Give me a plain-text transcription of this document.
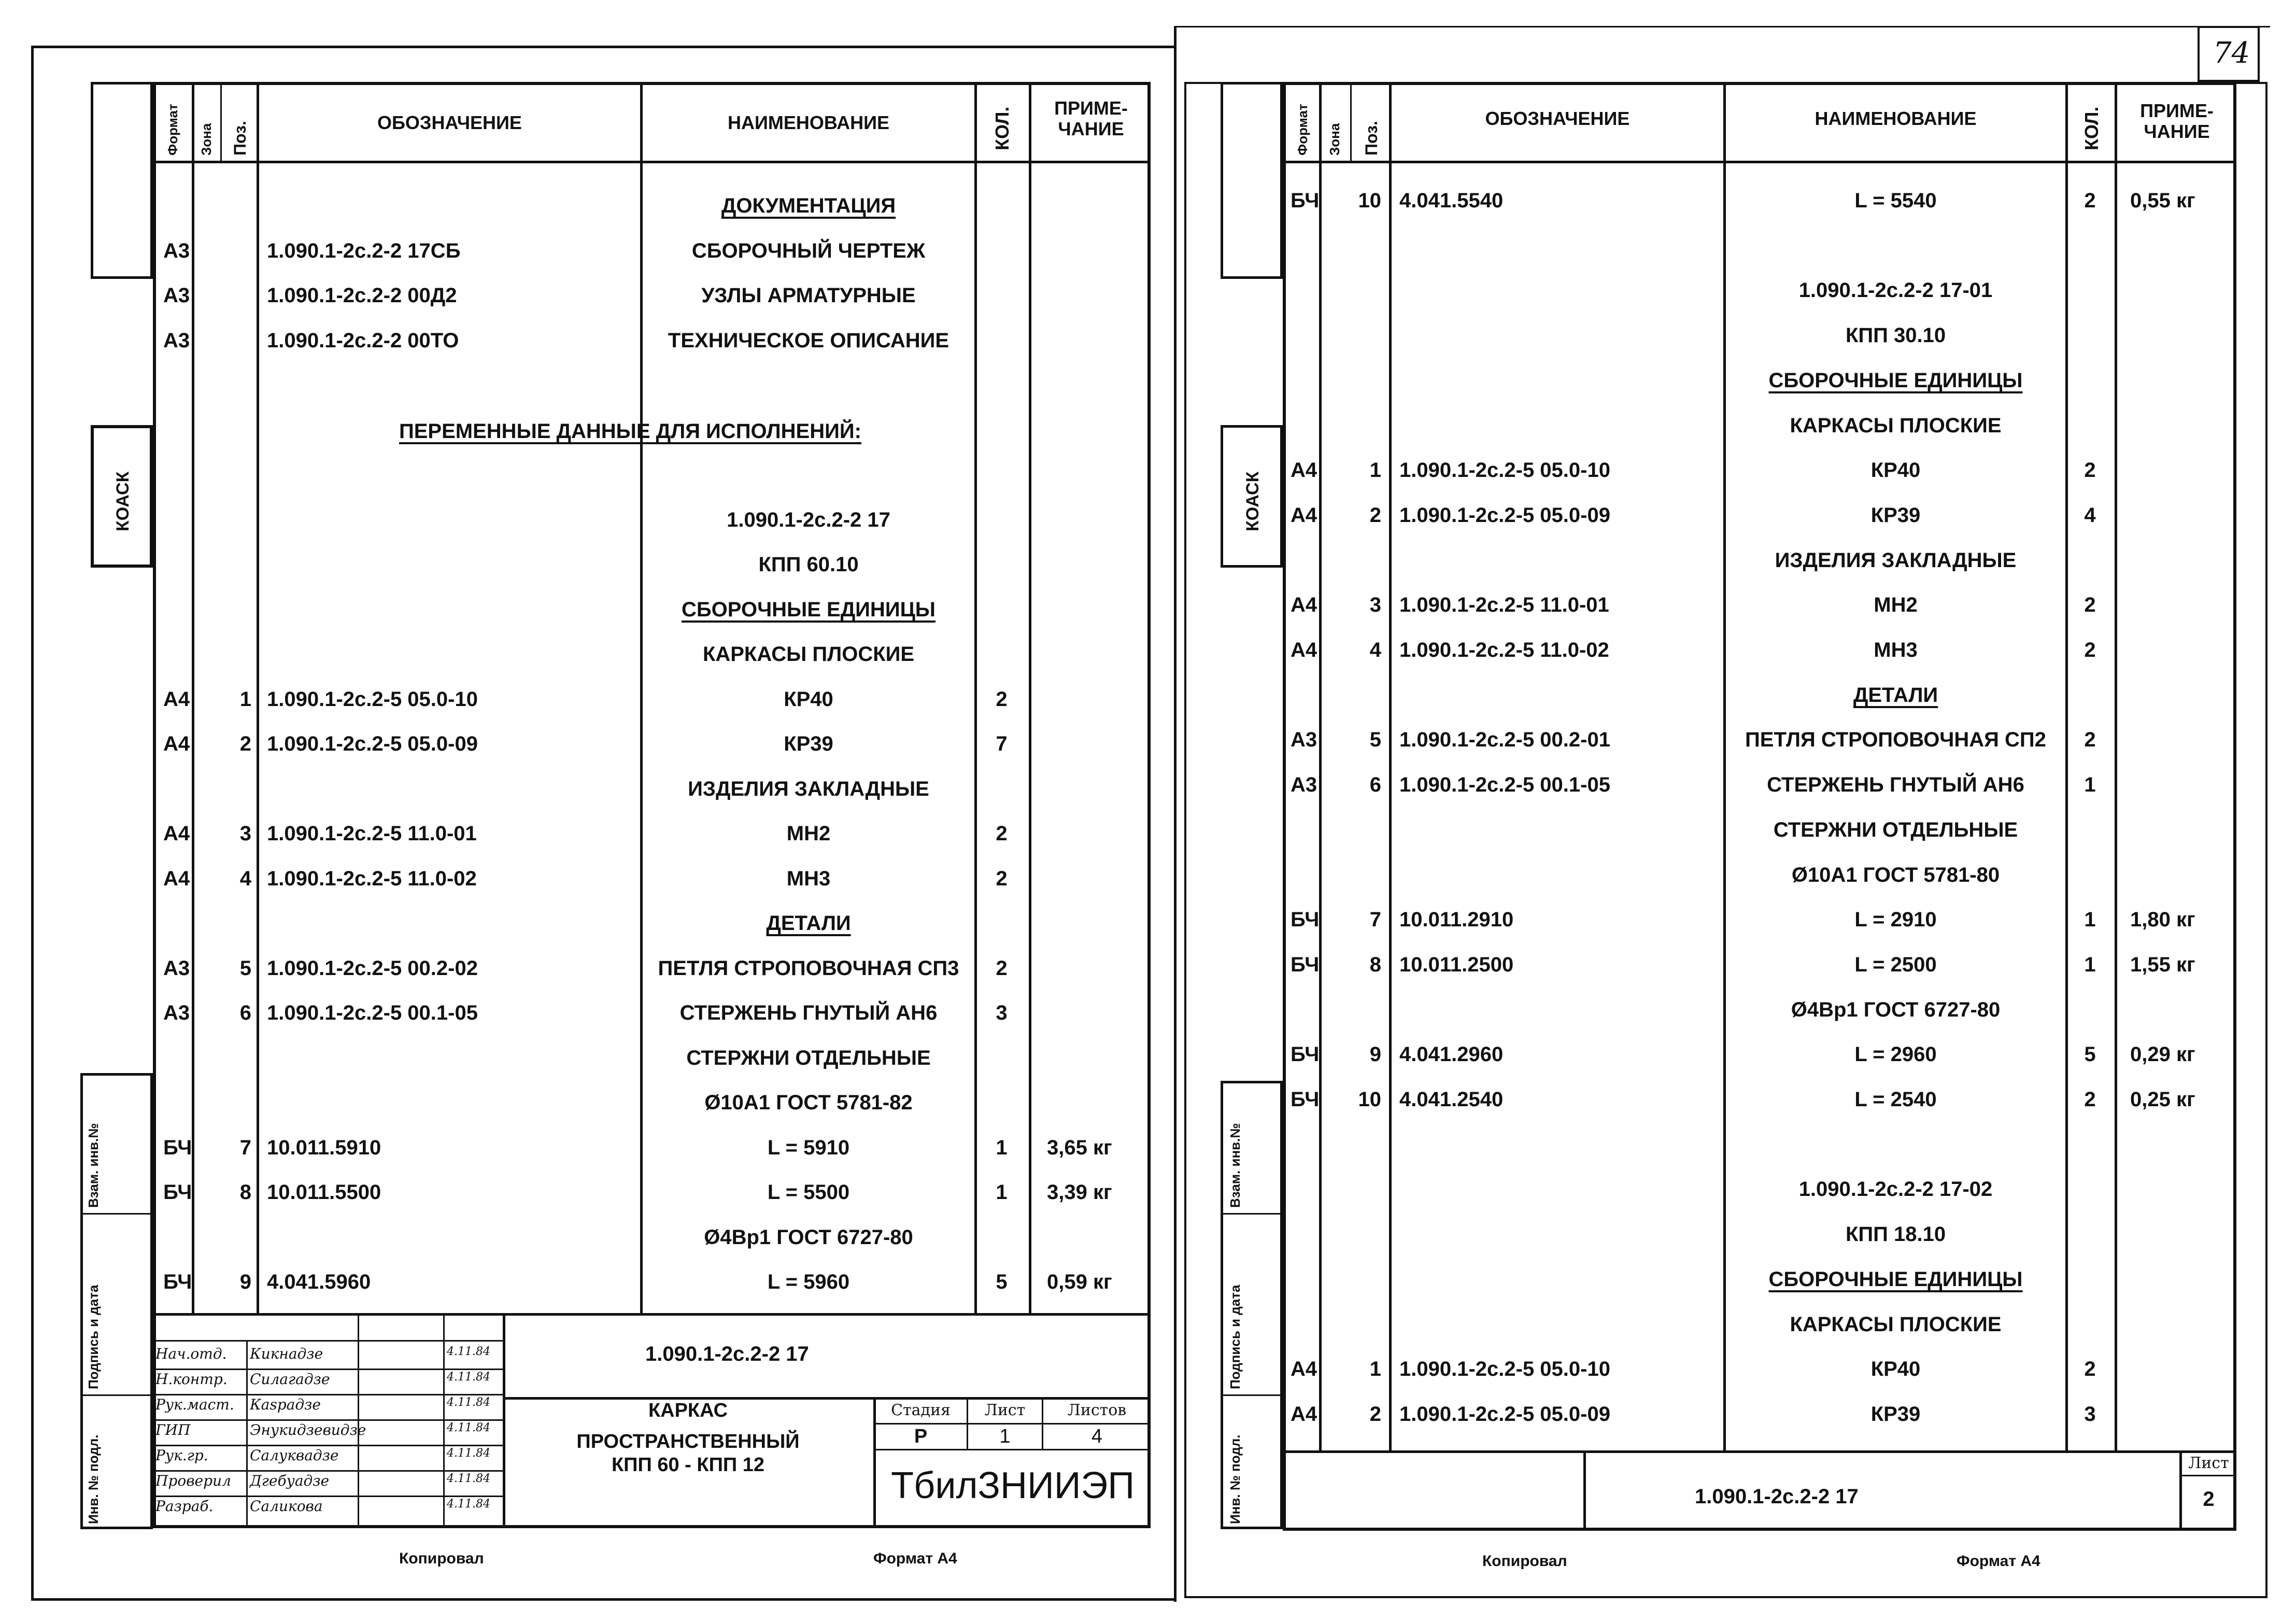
КОАСК
Взам. инв.№
Подпись и дата
Инв. № подл.
Формат Зона Поз.	ОБОЗНАЧЕНИЕ	НАИМЕНОВАНИЕ	КОЛ.	ПРИМЕ-
ЧАНИЕ
ДОКУМЕНТАЦИЯ
А3	1.090.1-2с.2-2 17СБ	СБОРОЧНЫЙ ЧЕРТЕЖ
А3	1.090.1-2с.2-2 00Д2	УЗЛЫ АРМАТУРНЫЕ
А3	1.090.1-2с.2-2 00ТО	ТЕХНИЧЕСКОЕ ОПИСАНИЕ
1.090.1-2с.2-2 17
КПП 60.10
СБОРОЧНЫЕ ЕДИНИЦЫ
КАРКАСЫ ПЛОСКИЕ
А4	1 1.090.1-2с.2-5 05.0-10	КР40	2
А4	2 1.090.1-2с.2-5 05.0-09	КР39	7
ИЗДЕЛИЯ ЗАКЛАДНЫЕ
А4	3 1.090.1-2с.2-5 11.0-01	МН2	2
А4	4 1.090.1-2с.2-5 11.0-02	МН3	2
ДЕТАЛИ
А3	5 1.090.1-2с.2-5 00.2-02	ПЕТЛЯ СТРОПОВОЧНАЯ СП3	2
А3	6 1.090.1-2с.2-5 00.1-05	СТЕРЖЕНЬ ГНУТЫЙ АН6	3
СТЕРЖНИ ОТДЕЛЬНЫЕ
Ø10А1 ГОСТ 5781-82
БЧ	7 10.011.5910	L = 5910	1	3,65 кг
БЧ	8 10.011.5500	L = 5500	1	3,39 кг
Ø4Вр1 ГОСТ 6727-80
БЧ	9 4.041.5960	L = 5960	5	0,59 кг
ПЕРЕМЕННЫЕ ДАННЫЕ ДЛЯ ИСПОЛНЕНИЙ:
1.090.1-2с.2-2 17
КАРКАС
ПРОСТРАНСТВЕННЫЙ
КПП 60 - КПП 12
Стадия	Лист	Листов
Р	1	4
ТбилЗНИИЭП
Нач.отд. Кикнадзе	4.11.84
Н.контр. Силагадзе	4.11.84
Рук.маст. Кasрадзе	4.11.84
ГИП	Энукидзевидзе	4.11.84
Рук.гр.	Салуквадзе	4.11.84
Проверил Дгебуадзе	4.11.84
Разраб.	Саликова	4.11.84
Копировал	Формат А4
74
КОАСК
Взам. инв.№
Подпись и дата
Инв. № подл.
Формат Зона Поз.
ОБОЗНАЧЕНИЕ	НАИМЕНОВАНИЕ	КОЛ.	ПРИМЕ-
ЧАНИЕ
БЧ	10 4.041.5540	L = 5540	2	0,55 кг
1.090.1-2с.2-2 17-01
КПП 30.10
СБОРОЧНЫЕ ЕДИНИЦЫ
КАРКАСЫ ПЛОСКИЕ
А4	1 1.090.1-2с.2-5 05.0-10	КР40	2
А4	2 1.090.1-2с.2-5 05.0-09	КР39	4
ИЗДЕЛИЯ ЗАКЛАДНЫЕ
А4	3 1.090.1-2с.2-5 11.0-01	МН2	2
А4	4 1.090.1-2с.2-5 11.0-02	МН3	2
ДЕТАЛИ
А3	5 1.090.1-2с.2-5 00.2-01	ПЕТЛЯ СТРОПОВОЧНАЯ СП2	2
А3	6 1.090.1-2с.2-5 00.1-05	СТЕРЖЕНЬ ГНУТЫЙ АН6	1
СТЕРЖНИ ОТДЕЛЬНЫЕ
Ø10А1 ГОСТ 5781-80
БЧ	7 10.011.2910	L = 2910	1	1,80 кг
БЧ	8 10.011.2500	L = 2500	1	1,55 кг
Ø4Вр1 ГОСТ 6727-80
БЧ	9 4.041.2960	L = 2960	5	0,29 кг
БЧ	10 4.041.2540	L = 2540	2	0,25 кг
1.090.1-2с.2-2 17-02
КПП 18.10
СБОРОЧНЫЕ ЕДИНИЦЫ
КАРКАСЫ ПЛОСКИЕ
А4	1 1.090.1-2с.2-5 05.0-10	КР40	2
А4	2 1.090.1-2с.2-5 05.0-09	КР39	3
1.090.1-2с.2-2 17
Лист
2
Копировал	Формат А4
